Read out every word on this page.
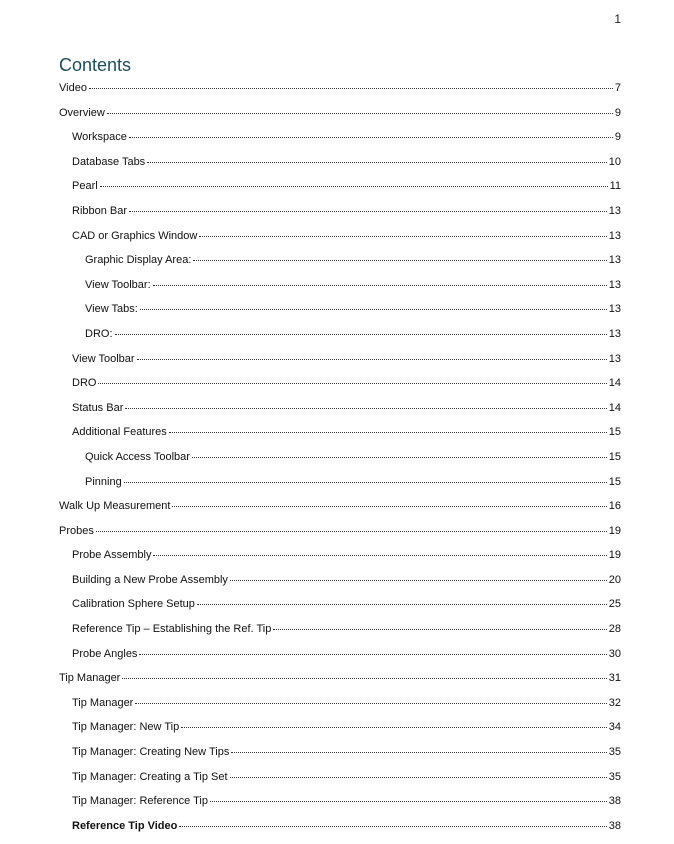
1
Contents
Video	7
Overview	9
Workspace	9
Database Tabs	10
Pearl	11
Ribbon Bar	13
CAD or Graphics Window	13
Graphic Display Area:	13
View Toolbar:	13
View Tabs:	13
DRO:	13
View Toolbar	13
DRO	14
Status Bar	14
Additional Features	15
Quick Access Toolbar	15
Pinning	15
Walk Up Measurement	16
Probes	19
Probe Assembly	19
Building a New Probe Assembly	20
Calibration Sphere Setup	25
Reference Tip – Establishing the Ref. Tip	28
Probe Angles	30
Tip Manager	31
Tip Manager	32
Tip Manager: New Tip	34
Tip Manager: Creating New Tips	35
Tip Manager: Creating a Tip Set	35
Tip Manager: Reference Tip	38
Reference Tip Video	38
